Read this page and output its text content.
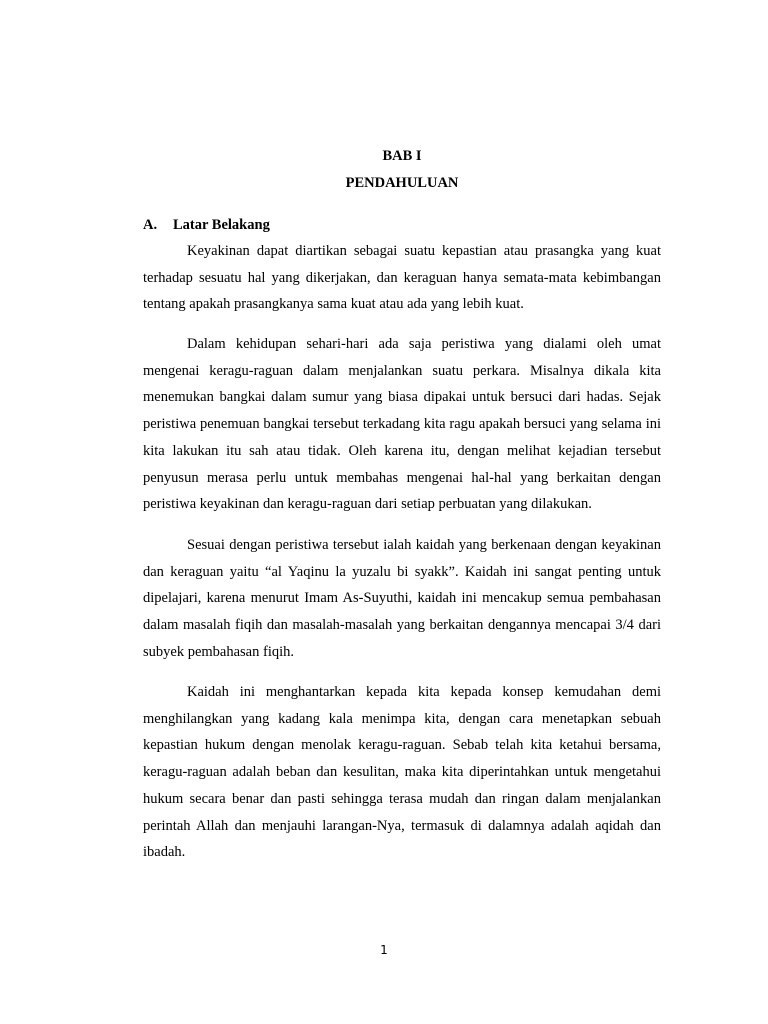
BAB I

PENDAHULUAN

A. Latar Belakang

Keyakinan dapat diartikan sebagai suatu kepastian atau prasangka yang kuat terhadap sesuatu hal yang dikerjakan, dan keraguan hanya semata-mata kebimbangan tentang apakah prasangkanya sama kuat atau ada yang lebih kuat.

Dalam kehidupan sehari-hari ada saja peristiwa yang dialami oleh umat mengenai keragu-raguan dalam menjalankan suatu perkara. Misalnya dikala kita menemukan bangkai dalam sumur yang biasa dipakai untuk bersuci dari hadas. Sejak peristiwa penemuan bangkai tersebut terkadang kita ragu apakah bersuci yang selama ini kita lakukan itu sah atau tidak. Oleh karena itu, dengan melihat kejadian tersebut penyusun merasa perlu untuk membahas mengenai hal-hal yang berkaitan dengan peristiwa keyakinan dan keragu-raguan dari setiap perbuatan yang dilakukan.

Sesuai dengan peristiwa tersebut ialah kaidah yang berkenaan dengan keyakinan dan keraguan yaitu “al Yaqinu la yuzalu bi syakk”. Kaidah ini sangat penting untuk dipelajari, karena menurut Imam As-Suyuthi, kaidah ini mencakup semua pembahasan dalam masalah fiqih dan masalah-masalah yang berkaitan dengannya mencapai 3/4 dari subyek pembahasan fiqih.

Kaidah ini menghantarkan kepada kita kepada konsep kemudahan demi menghilangkan yang kadang kala menimpa kita, dengan cara menetapkan sebuah kepastian hukum dengan menolak keragu-raguan. Sebab telah kita ketahui bersama, keragu-raguan adalah beban dan kesulitan, maka kita diperintahkan untuk mengetahui hukum secara benar dan pasti sehingga terasa mudah dan ringan dalam menjalankan perintah Allah dan menjauhi larangan-Nya, termasuk di dalamnya adalah aqidah dan ibadah.

1
